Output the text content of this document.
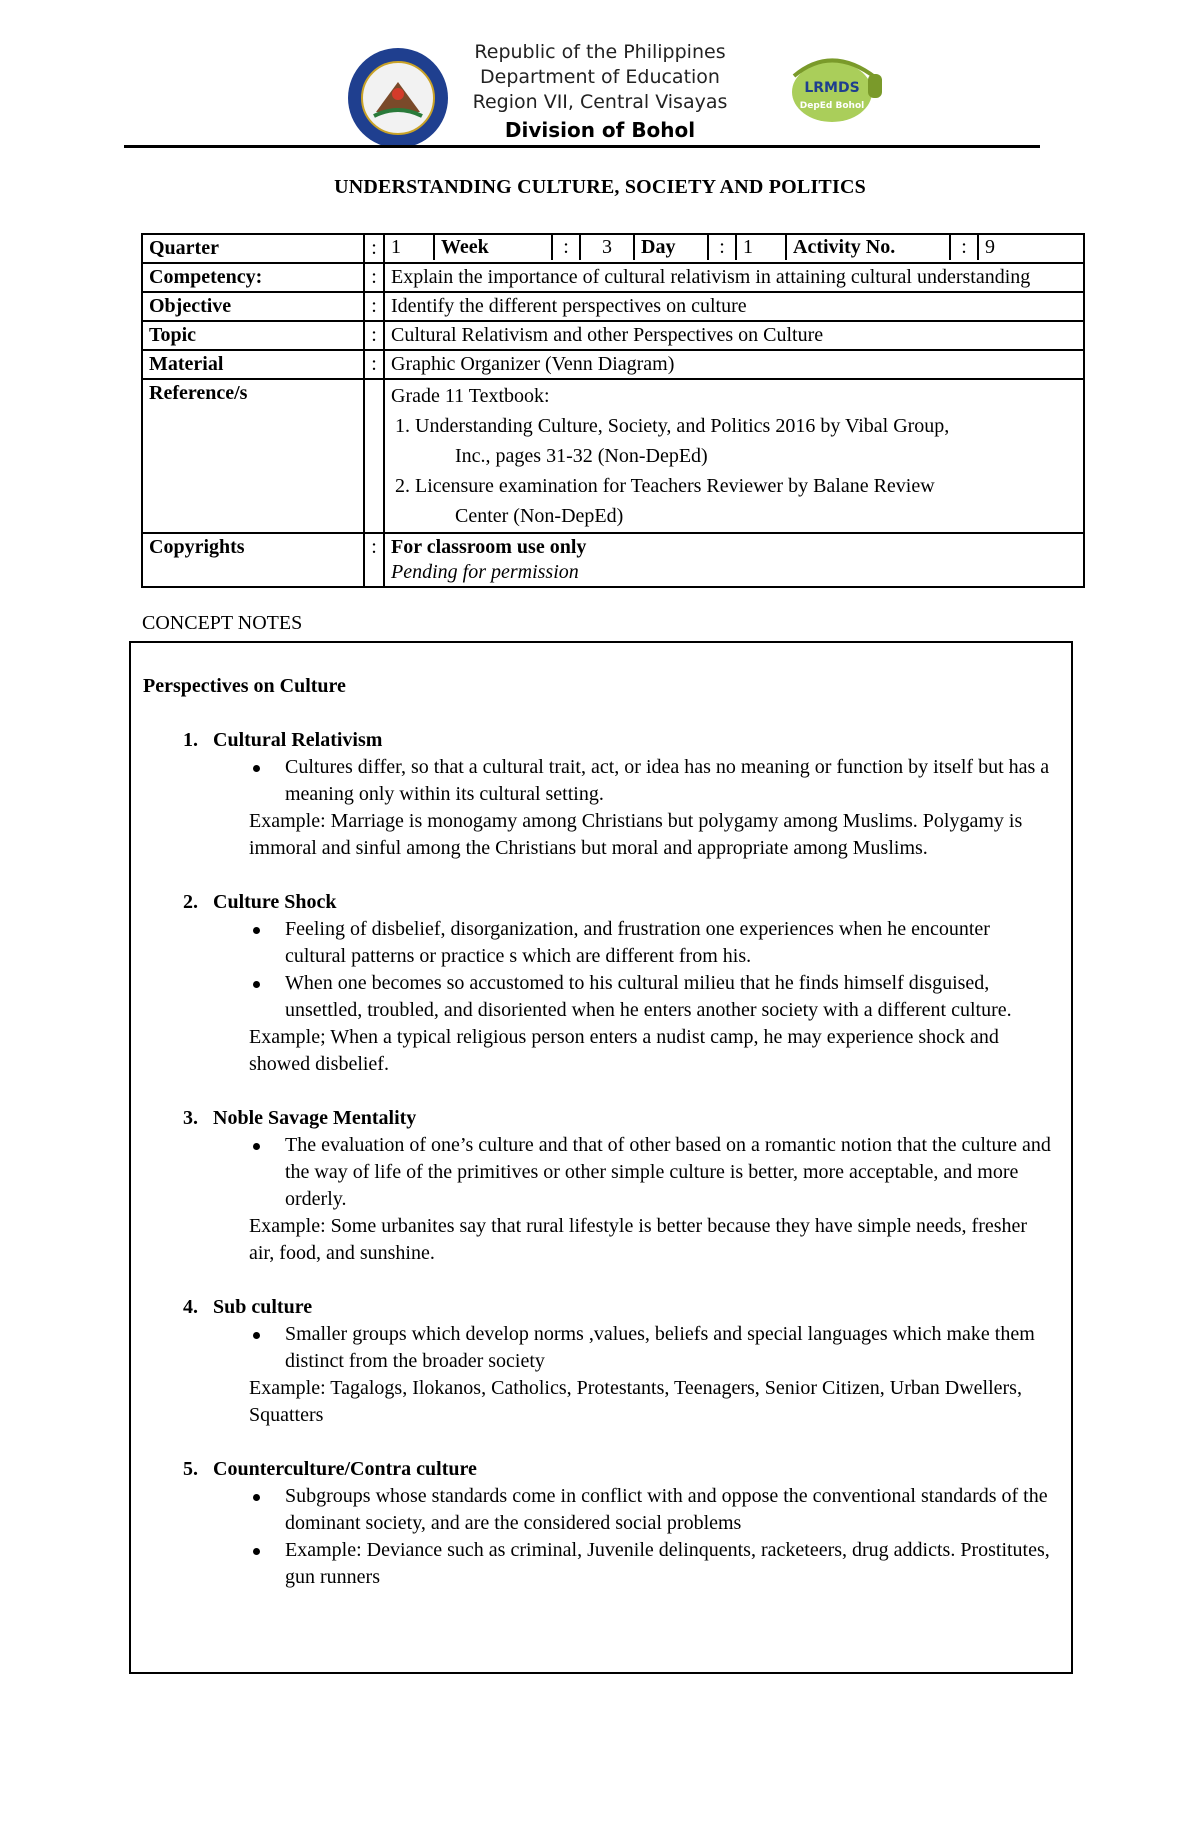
Republic of the Philippines
Department of Education
Region VII, Central Visayas
LRMDS
DepEd Bohol
Division of Bohol
UNDERSTANDING CULTURE, SOCIETY AND POLITICS
Quarter	:	1	Week	:	3	Day	:	1	Activity No.	:	9

Competency:	:	Explain the importance of cultural relativism in attaining cultural understanding
Objective	:	Identify the different perspectives on culture
Topic	:	Cultural Relativism and other Perspectives on Culture
Material	:	Graphic Organizer (Venn Diagram)
Reference/s		Grade 11 Textbook:
1. Understanding Culture, Society, and Politics 2016 by Vibal Group,
Inc., pages 31-32 (Non-DepEd)
2. Licensure examination for Teachers Reviewer by Balane Review
Center (Non-DepEd)

Copyrights	:	For classroom use only
Pending for permission
CONCEPT NOTES
Perspectives on Culture
1. Cultural Relativism
Cultures differ, so that a cultural trait, act, or idea has no meaning or function by itself but has a meaning only within its cultural setting.
Example: Marriage is monogamy among Christians but polygamy among Muslims. Polygamy is immoral and sinful among the Christians but moral and appropriate among Muslims.
2. Culture Shock
Feeling of disbelief, disorganization, and frustration one experiences when he encounter cultural patterns or practice s which are different from his.
When one becomes so accustomed to his cultural milieu that he finds himself disguised, unsettled, troubled, and disoriented when he enters another society with a different culture.
Example; When a typical religious person enters a nudist camp, he may experience shock and showed disbelief.
3. Noble Savage Mentality
The evaluation of one’s culture and that of other based on a romantic notion that the culture and the way of life of the primitives or other simple culture is better, more acceptable, and more orderly.
Example: Some urbanites say that rural lifestyle is better because they have simple needs, fresher air, food, and sunshine.
4. Sub culture
Smaller groups which develop norms ,values, beliefs and special languages which make them distinct from the broader society
Example: Tagalogs, Ilokanos, Catholics, Protestants, Teenagers, Senior Citizen, Urban Dwellers, Squatters
5. Counterculture/Contra culture
Subgroups whose standards come in conflict with and oppose the conventional standards of the dominant society, and are the considered social problems
Example: Deviance such as criminal, Juvenile delinquents, racketeers, drug addicts. Prostitutes, gun runners
